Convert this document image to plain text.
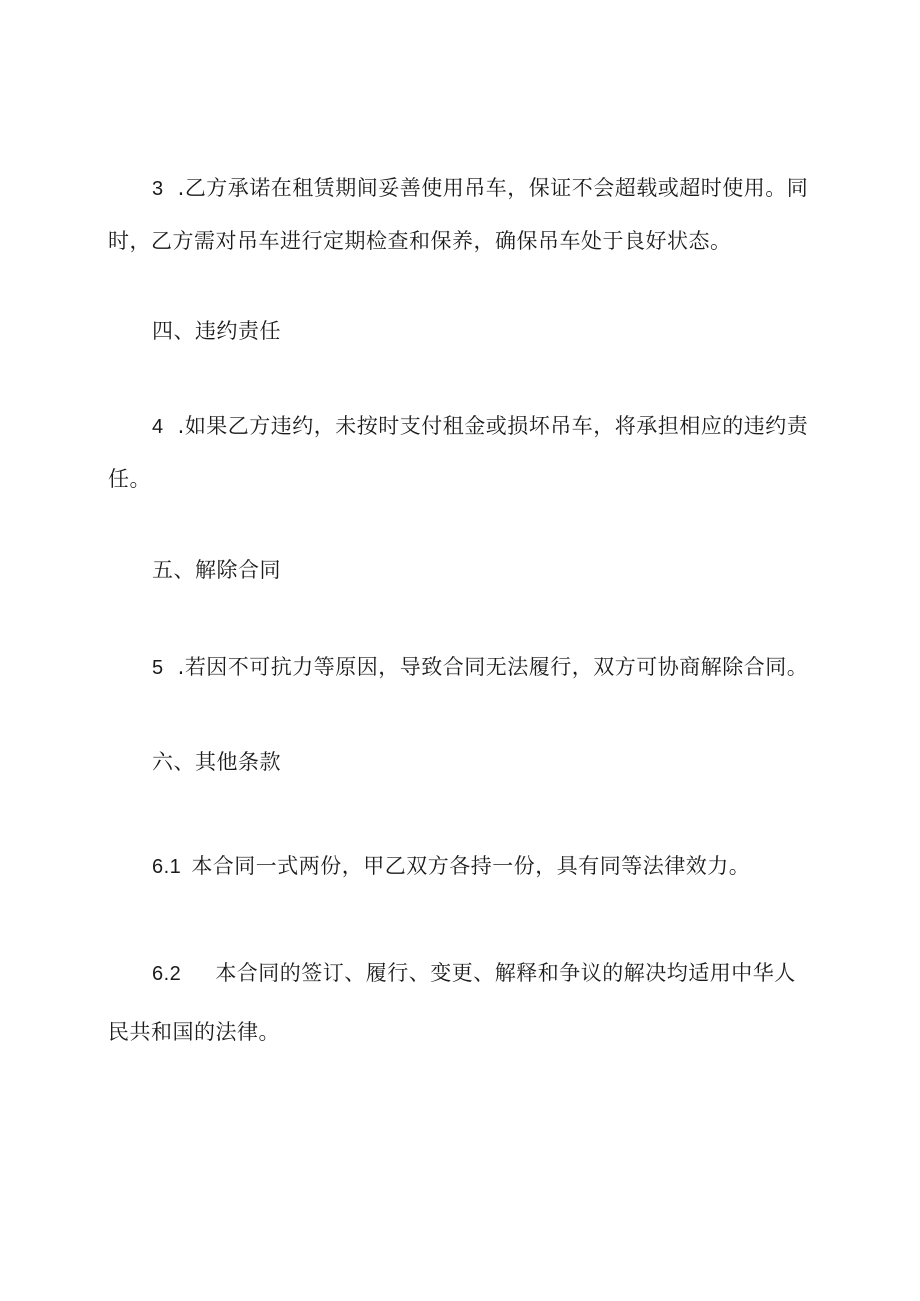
3 .乙方承诺在租赁期间妥善使用吊车，保证不会超载或超时使用。同
时，乙方需对吊车进行定期检查和保养，确保吊车处于良好状态。
四、违约责任
4 .如果乙方违约，未按时支付租金或损坏吊车，将承担相应的违约责
任。
五、解除合同
5 .若因不可抗力等原因，导致合同无法履行，双方可协商解除合同。
六、其他条款
6.1 本合同一式两份，甲乙双方各持一份，具有同等法律效力。
6.2 本合同的签订、履行、变更、解释和争议的解决均适用中华人
民共和国的法律。
